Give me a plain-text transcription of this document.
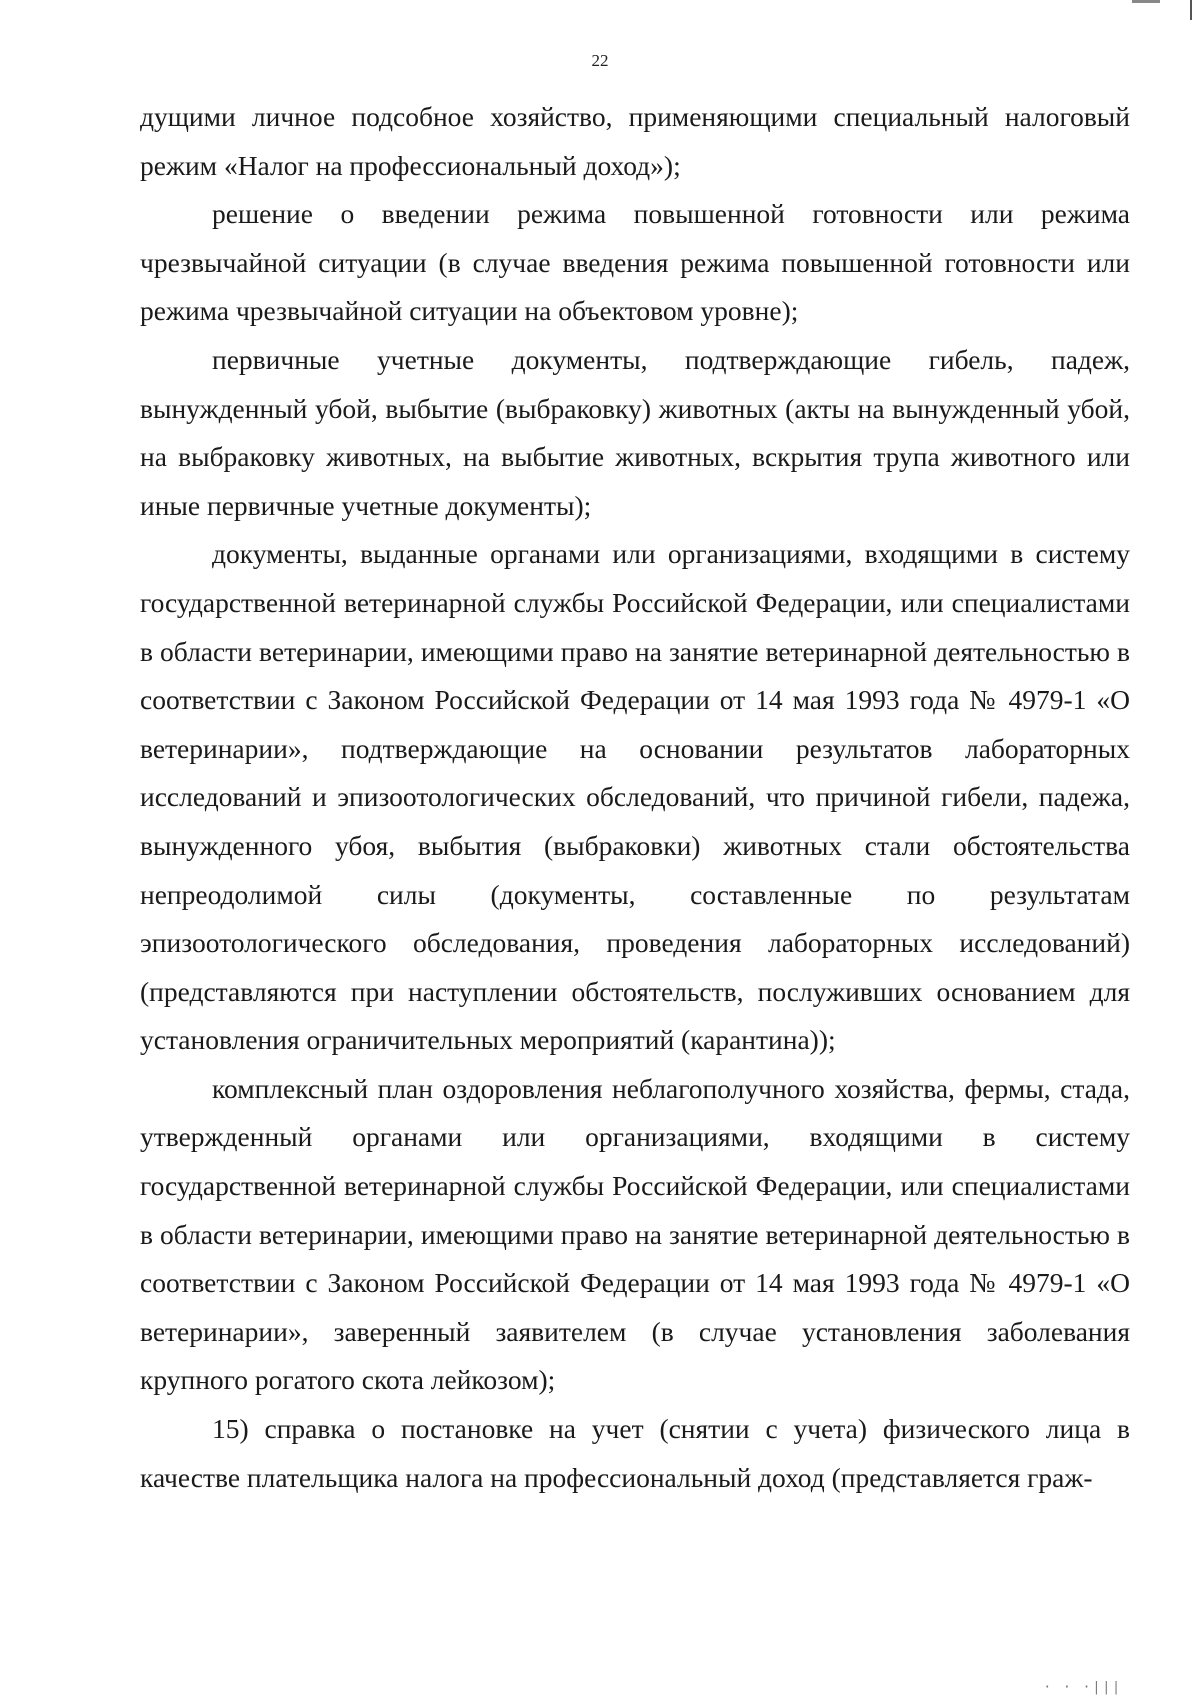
22

дущими личное подсобное хозяйство, применяющими специальный налоговый режим «Налог на профессиональный доход»);

решение о введении режима повышенной готовности или режима чрезвычайной ситуации (в случае введения режима повышенной готовности или режима чрезвычайной ситуации на объектовом уровне);

первичные учетные документы, подтверждающие гибель, падеж, вынужденный убой, выбытие (выбраковку) животных (акты на вынужденный убой, на выбраковку животных, на выбытие животных, вскрытия трупа животного или иные первичные учетные документы);

документы, выданные органами или организациями, входящими в систему государственной ветеринарной службы Российской Федерации, или специалистами в области ветеринарии, имеющими право на занятие ветеринарной деятельностью в соответствии с Законом Российской Федерации от 14 мая 1993 года № 4979-1 «О ветеринарии», подтверждающие на основании результатов лабораторных исследований и эпизоотологических обследований, что причиной гибели, падежа, вынужденного убоя, выбытия (выбраковки) животных стали обстоятельства непреодолимой силы (документы, составленные по результатам эпизоотологического обследования, проведения лабораторных исследований) (представляются при наступлении обстоятельств, послуживших основанием для установления ограничительных мероприятий (карантина));

комплексный план оздоровления неблагополучного хозяйства, фермы, стада, утвержденный органами или организациями, входящими в систему государственной ветеринарной службы Российской Федерации, или специалистами в области ветеринарии, имеющими право на занятие ветеринарной деятельностью в соответствии с Законом Российской Федерации от 14 мая 1993 года № 4979-1 «О ветеринарии», заверенный заявителем (в случае установления заболевания крупного рогатого скота лейкозом);

15) справка о постановке на учет (снятии с учета) физического лица в качестве плательщика налога на профессиональный доход (представляется граж-

· · ·|||
